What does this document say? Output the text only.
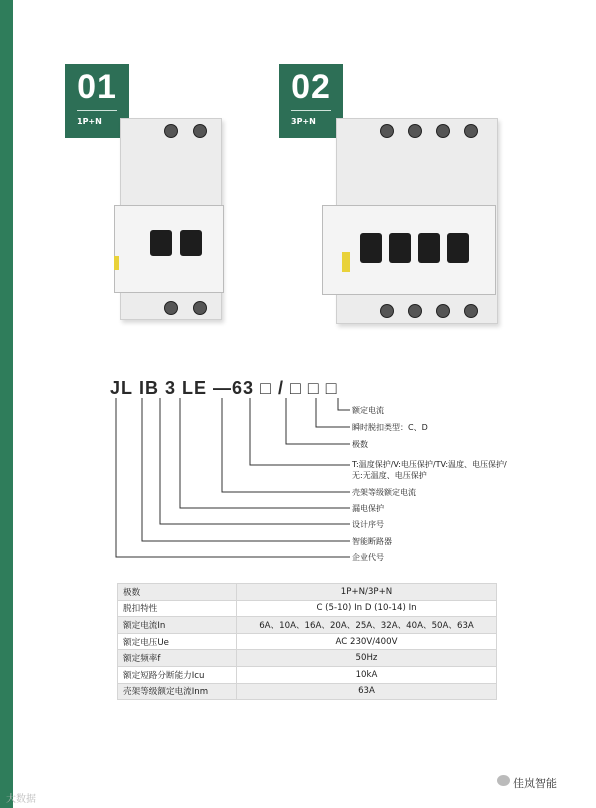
01
1P+N
02
3P+N
JL IB 3 LE —63 □ / □ □ □
额定电流
瞬时脱扣类型：C、D
极数
T:温度保护/V:电压保护/TV:温度、电压保护/
无:无温度、电压保护
壳架等级额定电流
漏电保护
设计序号
智能断路器
企业代号
极数	1P+N/3P+N
脱扣特性	C (5-10) In D (10-14) In
额定电流In	6A、10A、16A、20A、25A、32A、40A、50A、63A
额定电压Ue	AC 230V/400V
额定频率f	50Hz
额定短路分断能力Icu	10kA
壳架等级额定电流Inm	63A
大数据
佳岚智能
